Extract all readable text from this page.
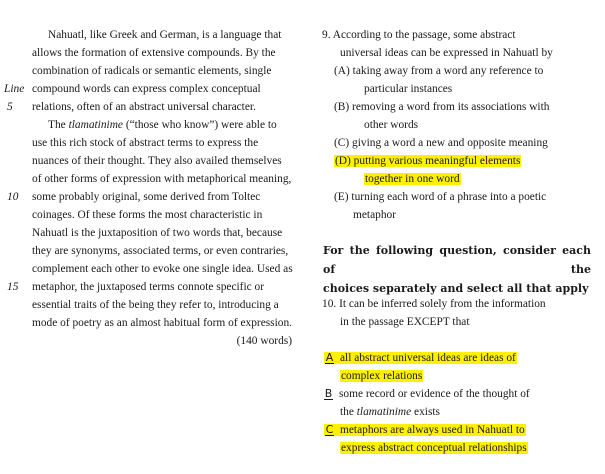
Nahuatl, like Greek and German, is a language that
allows the formation of extensive compounds. By the
combination of radicals or semantic elements, single
compound words can express complex conceptual
relations, often of an abstract universal character.
The tlamatinime (“those who know”) were able to
use this rich stock of abstract terms to express the
nuances of their thought. They also availed themselves
of other forms of expression with metaphorical meaning,
some probably original, some derived from Toltec
coinages. Of these forms the most characteristic in
Nahuatl is the juxtaposition of two words that, because
they are synonyms, associated terms, or even contraries,
complement each other to evoke one single idea. Used as
metaphor, the juxtaposed terms connote specific or
essential traits of the being they refer to, introducing a
mode of poetry as an almost habitual form of expression.
Line
5
10
15
(140 words)
9. According to the passage, some abstract
universal ideas can be expressed in Nahuatl by
(A) taking away from a word any reference to
particular instances
(B) removing a word from its associations with
other words
(C) giving a word a new and opposite meaning
(D) putting various meaningful elements
together in one word
(E) turning each word of a phrase into a poetic
metaphor
For the following question, consider each of the
choices separately and select all that apply
10. It can be inferred solely from the information
in the passage EXCEPT that
A all abstract universal ideas are ideas of
complex relations
B some record or evidence of the thought of
the tlamatinime exists
C metaphors are always used in Nahuatl to
express abstract conceptual relationships
